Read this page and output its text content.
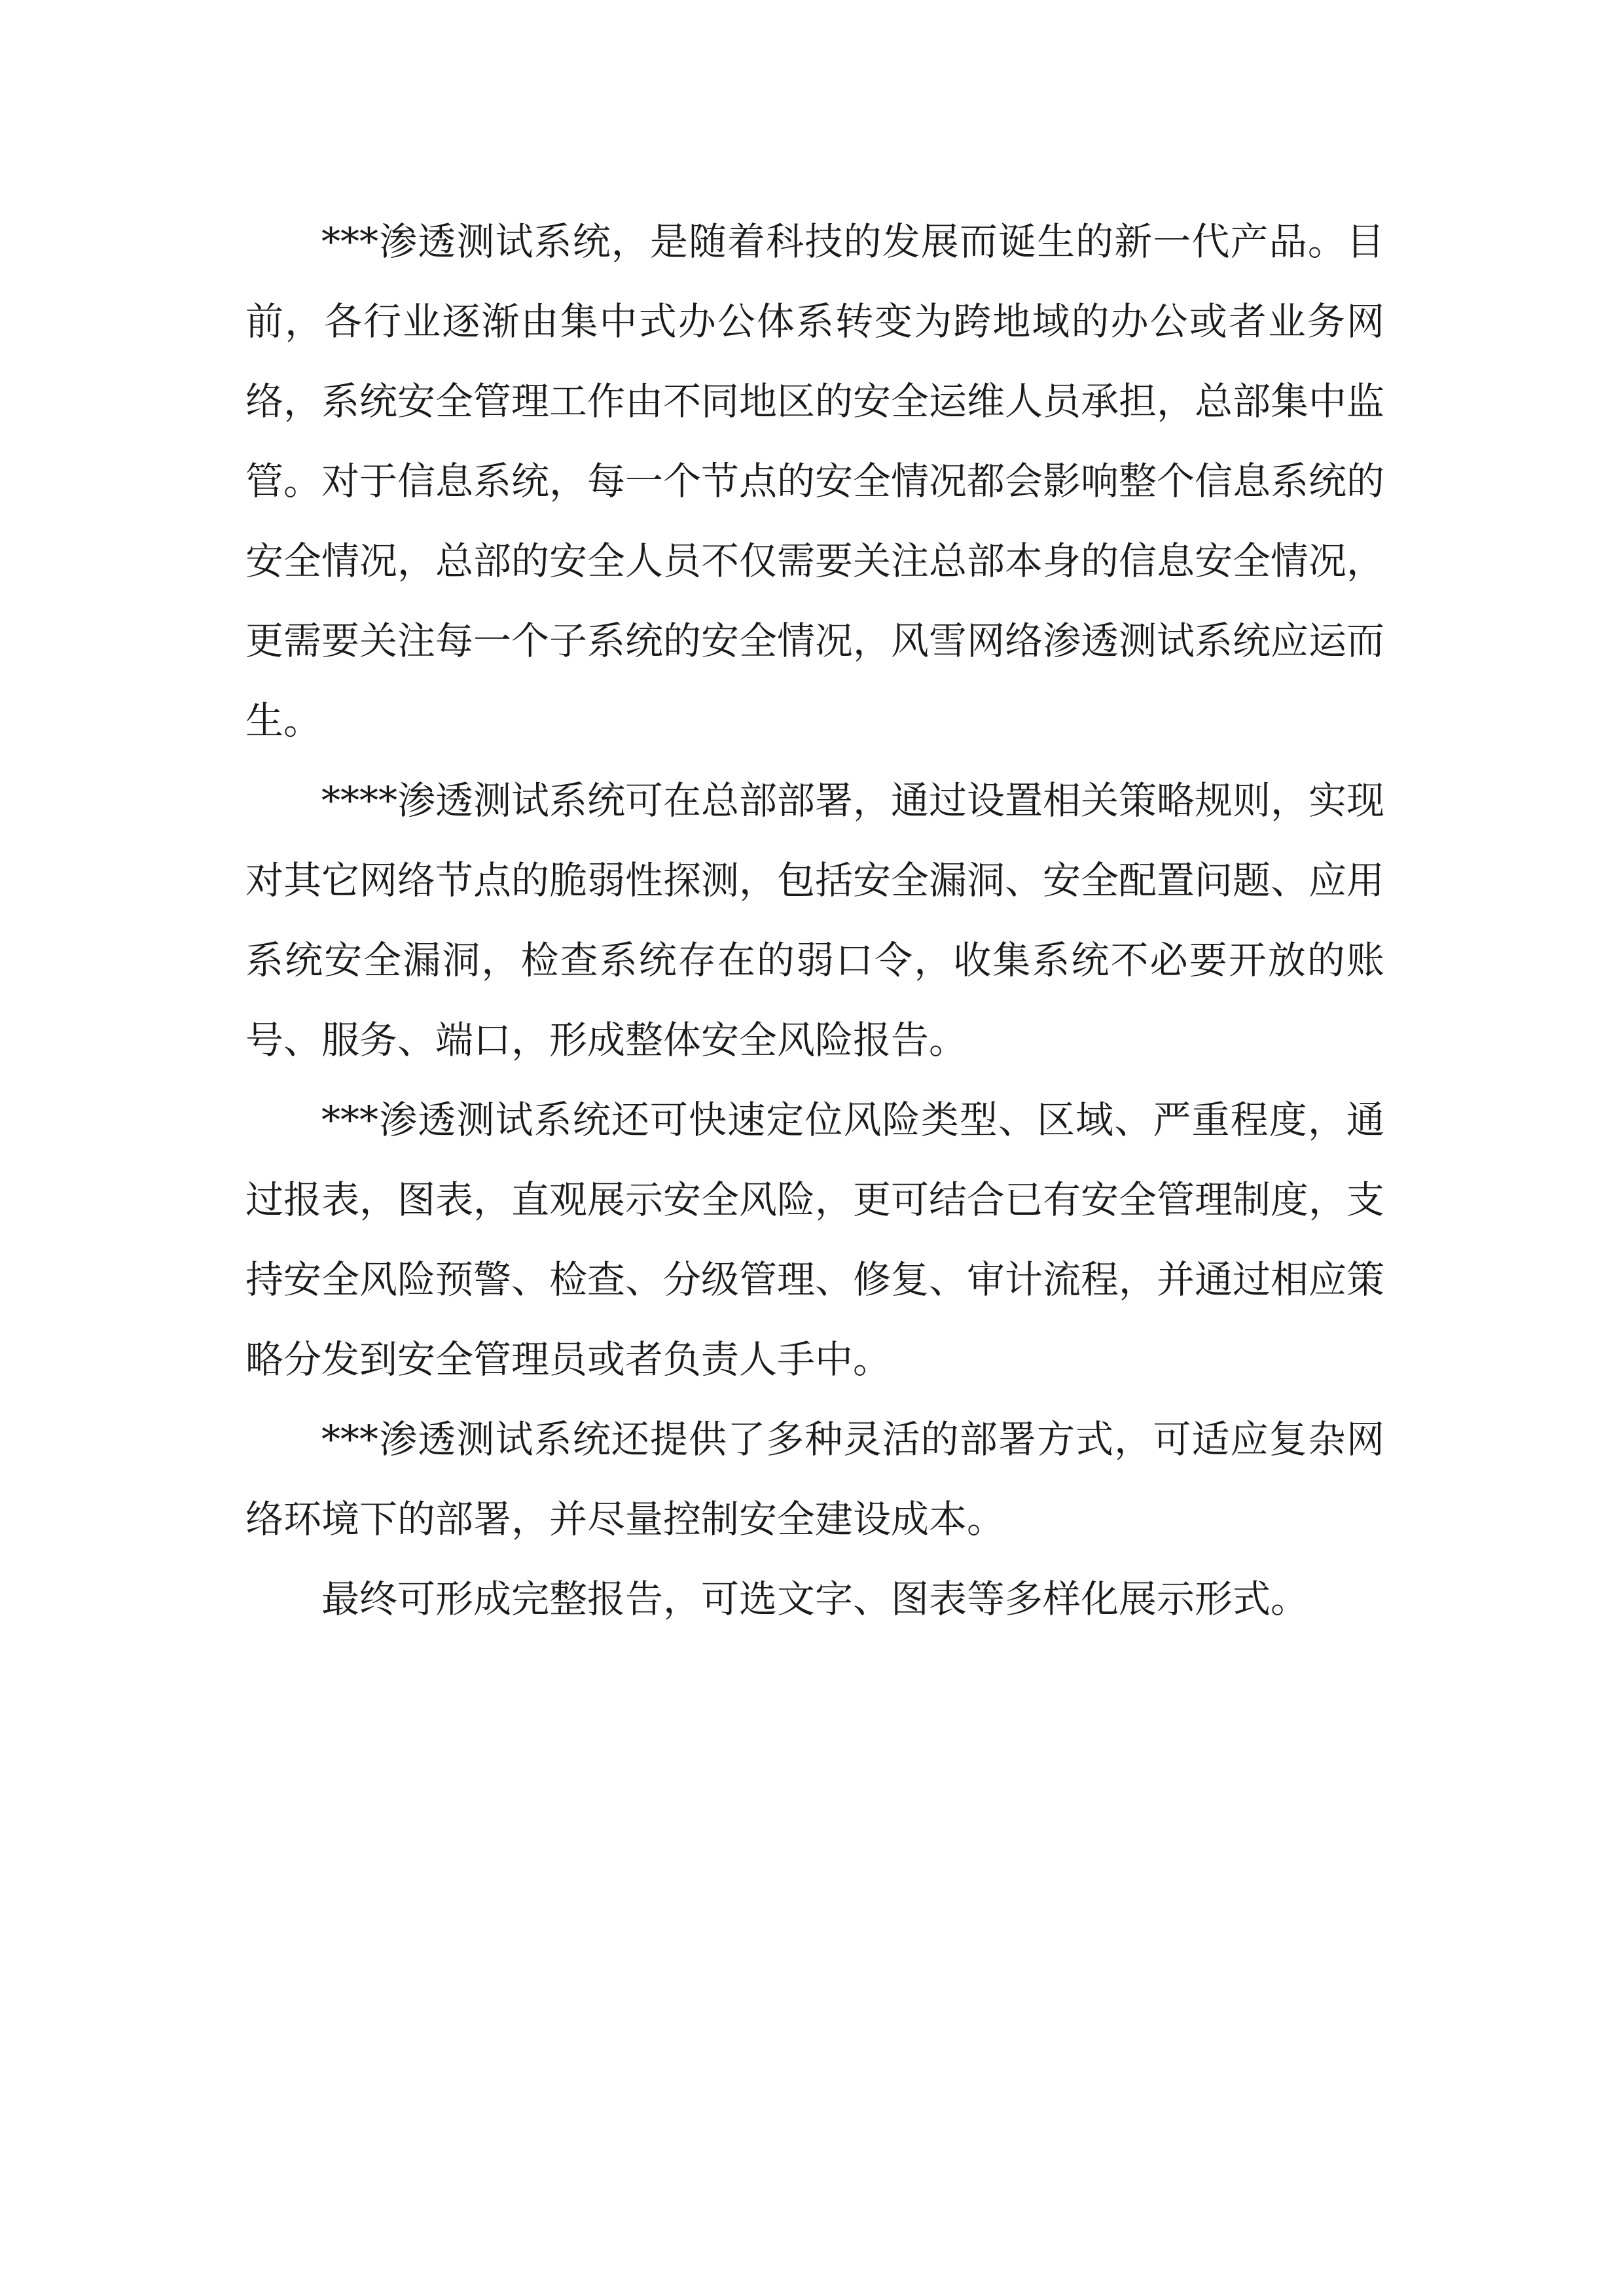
***渗透测试系统，是随着科技的发展而诞生的新一代产品。目前，各行业逐渐由集中式办公体系转变为跨地域的办公或者业务网络，系统安全管理工作由不同地区的安全运维人员承担，总部集中监管。对于信息系统，每一个节点的安全情况都会影响整个信息系统的安全情况，总部的安全人员不仅需要关注总部本身的信息安全情况，更需要关注每一个子系统的安全情况，风雪网络渗透测试系统应运而生。

****渗透测试系统可在总部部署，通过设置相关策略规则，实现对其它网络节点的脆弱性探测，包括安全漏洞、安全配置问题、应用系统安全漏洞，检查系统存在的弱口令，收集系统不必要开放的账号、服务、端口，形成整体安全风险报告。

***渗透测试系统还可快速定位风险类型、区域、严重程度，通过报表，图表，直观展示安全风险，更可结合已有安全管理制度，支持安全风险预警、检查、分级管理、修复、审计流程，并通过相应策略分发到安全管理员或者负责人手中。

***渗透测试系统还提供了多种灵活的部署方式，可适应复杂网络环境下的部署，并尽量控制安全建设成本。

最终可形成完整报告，可选文字、图表等多样化展示形式。
